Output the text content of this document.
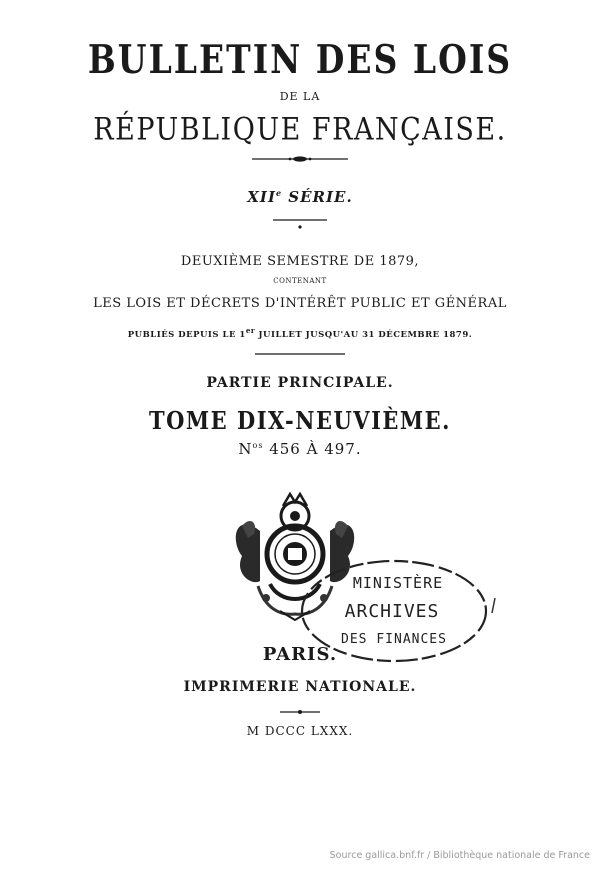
BULLETIN DES LOIS
DE LA
RÉPUBLIQUE FRANÇAISE.
XIIe SÉRIE.
DEUXIÈME SEMESTRE DE 1879,
CONTENANT
LES LOIS ET DÉCRETS D'INTÉRÊT PUBLIC ET GÉNÉRAL
PUBLIÉS DEPUIS LE 1er JUILLET JUSQU'AU 31 DÉCEMBRE 1879.
PARTIE PRINCIPALE.
TOME DIX-NEUVIÈME.
$N^{os}$ 456 À 497.
MINISTÈRE
ARCHIVES
DES FINANCES
PARIS.
IMPRIMERIE NATIONALE.
M DCCC LXXX.
Source gallica.bnf.fr / Bibliothèque nationale de France
